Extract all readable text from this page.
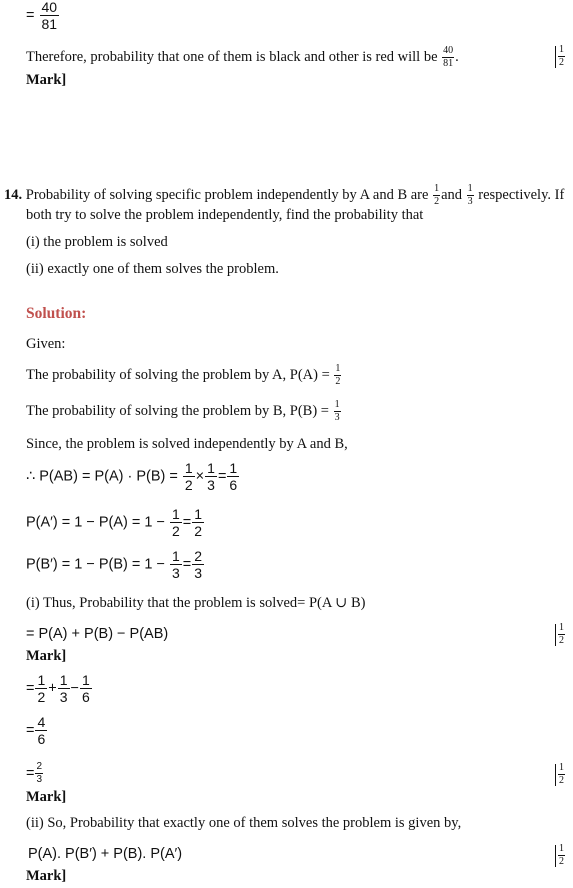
= $\frac{40}{81}$
Therefore, probability that one of them is black and other is red will be $\frac{40}{81}$ .	$\frac{1}{2}$
Mark]
14. Probability of solving specific problem independently by A and B are $\frac{1}{2}$ and $\frac{1}{3}$ respectively. If
both try to solve the problem independently, find the probability that
(i) the problem is solved
(ii) exactly one of them solves the problem.
Solution:
Given:
The probability of solving the problem by A, $P(A) = \frac{1}{2}$
The probability of solving the problem by B, $P(B) = \frac{1}{3}$
Since, the problem is solved independently by A and B,
∴ $P(AB) = P(A) \cdot P(B) = \frac{1}{2} \times \frac{1}{3} = \frac{1}{6}$
$P(A') = 1 - P(A) = 1 - \frac{1}{2} = \frac{1}{2}$
$P(B') = 1 - P(B) = 1 - \frac{1}{3} = \frac{2}{3}$
(i) Thus, Probability that the problem is solved= P(A ∪ B)
= P(A) + P(B) − P(AB)	$\frac{1}{2}$
Mark]
= $\frac{1}{2} + \frac{1}{3} - \frac{1}{6}$
= $\frac{4}{6}$
= $\frac{2}{3}$	$\frac{1}{2}$
Mark]
(ii) So, Probability that exactly one of them solves the problem is given by,
P(A). P(B′) + P(B). P(A′)	$\frac{1}{2}$
Mark]
